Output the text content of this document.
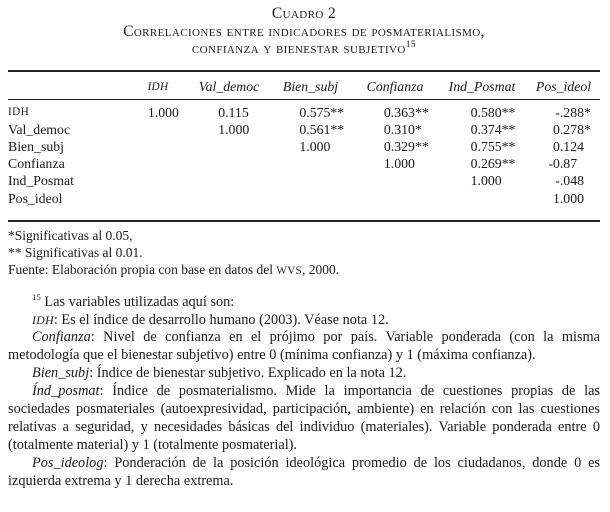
Cuadro 2
Correlaciones entre indicadores de posmaterialismo,
confianza y bienestar subjetivo$^{15}$
	IDH	Val_democ	Bien_subj	Confianza	Ind_Posmat	Pos_ideol
IDH	1 .000	0 .115	0 .575**	0 .363**	0 .580**	- .288*

Val_democ		1 .000	0 .561**	0 .310*	0 .374**	0 .278*

Bien_subj			1 .000	0 .329**	0 .755**	0 .124

Confianza				1 .000	0 .269**	-0 .87

Ind_Posmat					1 .000	- .048

Pos_ideol						1 .000
*Significativas al 0.05,
** Significativas al 0.01.
Fuente: Elaboración propia con base en datos del WVS, 2000.

$^{15}$ Las variables utilizadas aquí son:

IDH: Es el índice de desarrollo humano (2003). Véase nota 12.

Confianza: Nivel de confianza en el prójimo por país. Variable ponderada (con la misma metodología que el bienestar subjetivo) entre 0 (mínima confianza) y 1 (máxima confianza).

Bien_subj: Índice de bienestar subjetivo. Explicado en la nota 12.

Índ_posmat: Índice de posmaterialismo. Mide la importancia de cuestiones propias de las sociedades posmateriales (autoexpresividad, participación, ambiente) en relación con las cuestiones relativas a seguridad, y necesidades básicas del individuo (materiales). Variable ponderada entre 0 (totalmente material) y 1 (totalmente posmaterial).

Pos_ideolog: Ponderación de la posición ideológica promedio de los ciudadanos, donde 0 es izquierda extrema y 1 derecha extrema.
